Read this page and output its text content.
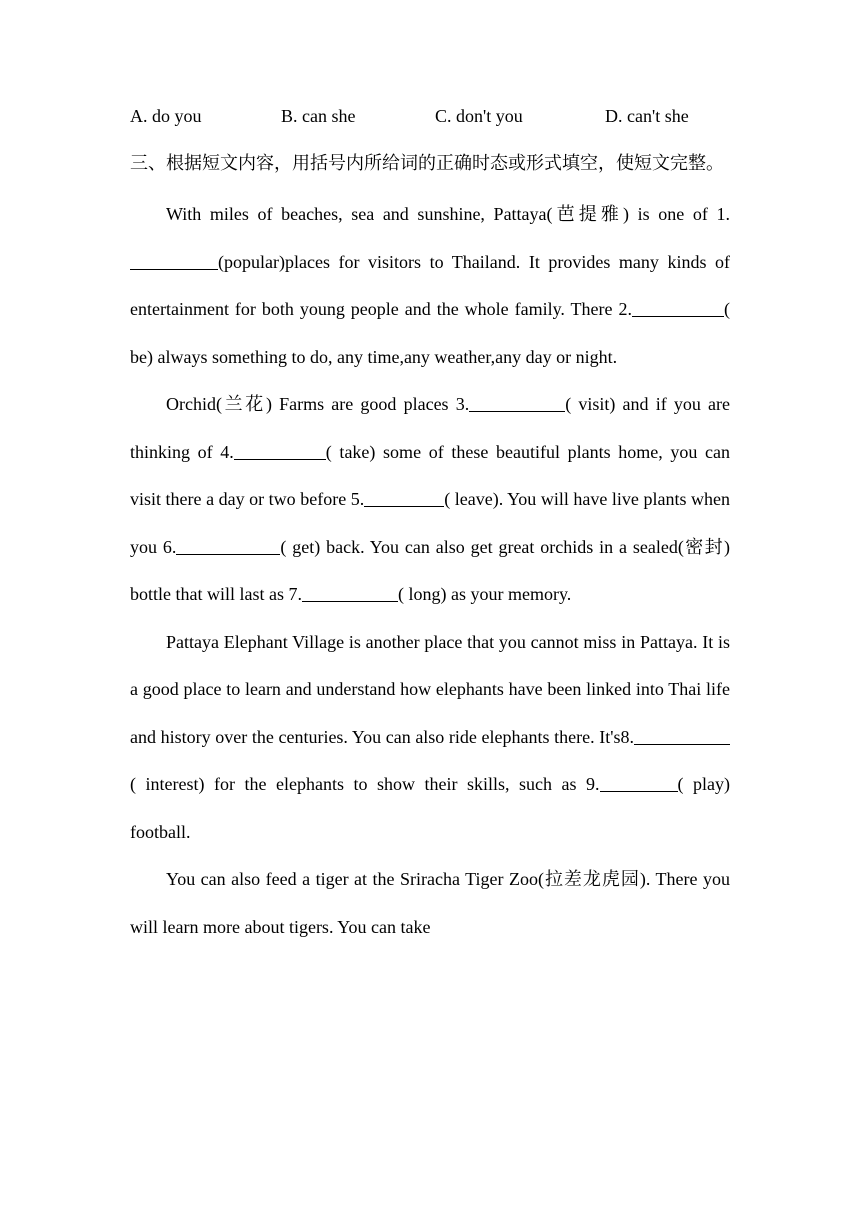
A. do you	B. can she	C. don't you	D. can't she
三、根据短文内容，用括号内所给词的正确时态或形式填空，使短文完整。

With miles of beaches, sea and sunshine, Pattaya(芭提雅) is one of 1.(popular)places for visitors to Thailand. It provides many kinds of entertainment for both young people and the whole family. There 2.	( be) always something to do, any time,any weather,any day or night.

Orchid(兰花) Farms are good places 3.	( visit) and if you are thinking of 4.	( take) some of these beautiful plants home, you can visit there a day or two before 5.	( leave). You will have live plants when you 6.	( get) back. You can also get great orchids in a sealed(密封) bottle that will last as 7.	( long) as your memory.

Pattaya Elephant Village is another place that you cannot miss in Pattaya. It is a good place to learn and understand how elephants have been linked into Thai life and history over the centuries. You can also ride elephants there. It's8.( interest) for the elephants to show their skills, such as 9.	( play) football.

You can also feed a tiger at the Sriracha Tiger Zoo(拉差龙虎园). There you will learn more about tigers. You can take
